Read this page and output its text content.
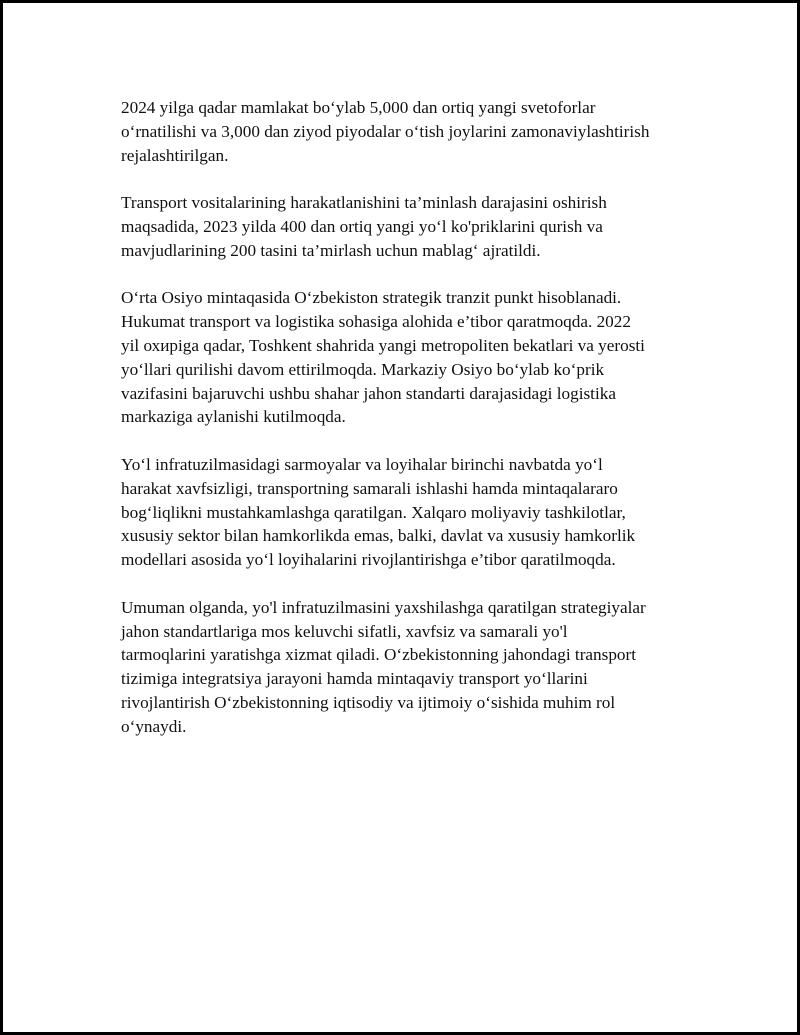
2024 yilga qadar mamlakat bo‘ylab 5,000 dan ortiq yangi svetoforlar
o‘rnatilishi va 3,000 dan ziyod piyodalar o‘tish joylarini zamonaviylashtirish
rejalashtirilgan.

Transport vositalarining harakatlanishini ta’minlash darajasini oshirish
maqsadida, 2023 yilda 400 dan ortiq yangi yo‘l ko'priklarini qurish va
mavjudlarining 200 tasini ta’mirlash uchun mablag‘ ajratildi.

O‘rta Osiyo mintaqasida O‘zbekiston strategik tranzit punkt hisoblanadi.
Hukumat transport va logistika sohasiga alohida e’tibor qaratmoqda. 2022
yil охиpiga qadar, Toshkent shahrida yangi metropoliten bekatlari va yerosti
yo‘llari qurilishi davom ettirilmoqda. Markaziy Osiyo bo‘ylab ko‘prik
vazifasini bajaruvchi ushbu shahar jahon standarti darajasidagi logistika
markaziga aylanishi kutilmoqda.

Yo‘l infratuzilmasidagi sarmoyalar va loyihalar birinchi navbatda yo‘l
harakat xavfsizligi, transportning samarali ishlashi hamda mintaqalararo
bog‘liqlikni mustahkamlashga qaratilgan. Xalqaro moliyaviy tashkilotlar,
xususiy sektor bilan hamkorlikda emas, balki, davlat va xususiy hamkorlik
modellari asosida yo‘l loyihalarini rivojlantirishga e’tibor qaratilmoqda.

Umuman olganda, yo'l infratuzilmasini yaxshilashga qaratilgan strategiyalar
jahon standartlariga mos keluvchi sifatli, xavfsiz va samarali yo'l
tarmoqlarini yaratishga xizmat qiladi. O‘zbekistonning jahondagi transport
tizimiga integratsiya jarayoni hamda mintaqaviy transport yo‘llarini
rivojlantirish O‘zbekistonning iqtisodiy va ijtimoiy o‘sishida muhim rol
o‘ynaydi.
